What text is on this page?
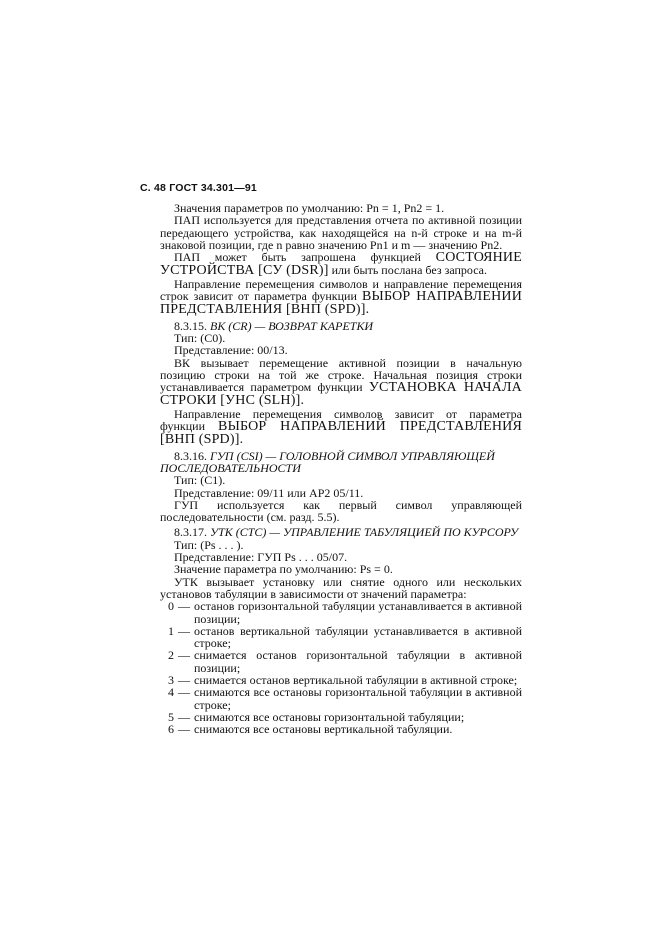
С. 48 ГОСТ 34.301—91
Значения параметров по умолчанию: Pn = 1, Pn2 = 1.
ПАП используется для представления отчета по активной позиции передающего устройства, как находящейся на n-й строке и на m-й знаковой позиции, где n равно значению Pn1 и m — значению Pn2.
ПАП может быть запрошена функцией СОСТОЯНИЕ УСТРОЙСТВА [СУ (DSR)] или быть послана без запроса.
Направление перемещения символов и направление перемещения строк зависит от параметра функции ВЫБОР НАПРАВЛЕНИИ ПРЕДСТАВЛЕНИЯ [ВНП (SPD)].
8.3.15. ВК (CR) — ВОЗВРАТ КАРЕТКИ
Тип: (C0).
Представление: 00/13.
ВК вызывает перемещение активной позиции в начальную позицию строки на той же строке. Начальная позиция строки устанавливается параметром функции УСТАНОВКА НАЧАЛА СТРОКИ [УНС (SLH)].
Направление перемещения символов зависит от параметра функции ВЫБОР НАПРАВЛЕНИЙ ПРЕДСТАВЛЕНИЯ [ВНП (SPD)].
8.3.16. ГУП (CSI) — ГОЛОВНОЙ СИМВОЛ УПРАВЛЯЮЩЕЙ ПОСЛЕДОВАТЕЛЬНОСТИ
Тип: (C1).
Представление: 09/11 или AP2 05/11.
ГУП используется как первый символ управляющей последовательности (см. разд. 5.5).
8.3.17. УТК (CTC) — УПРАВЛЕНИЕ ТАБУЛЯЦИЕЙ ПО КУРСОРУ
Тип: (Ps . . . ).
Представление: ГУП Ps . . . 05/07.
Значение параметра по умолчанию: Ps = 0.
УТК вызывает установку или снятие одного или нескольких установов табуляции в зависимости от значений параметра:
0 — останов горизонтальной табуляции устанавливается в активной позиции;
1 — останов вертикальной табуляции устанавливается в активной строке;
2 — снимается останов горизонтальной табуляции в активной позиции;
3 — снимается останов вертикальной табуляции в активной строке;
4 — снимаются все остановы горизонтальной табуляции в активной строке;
5 — снимаются все остановы горизонтальной табуляции;
6 — снимаются все остановы вертикальной табуляции.
